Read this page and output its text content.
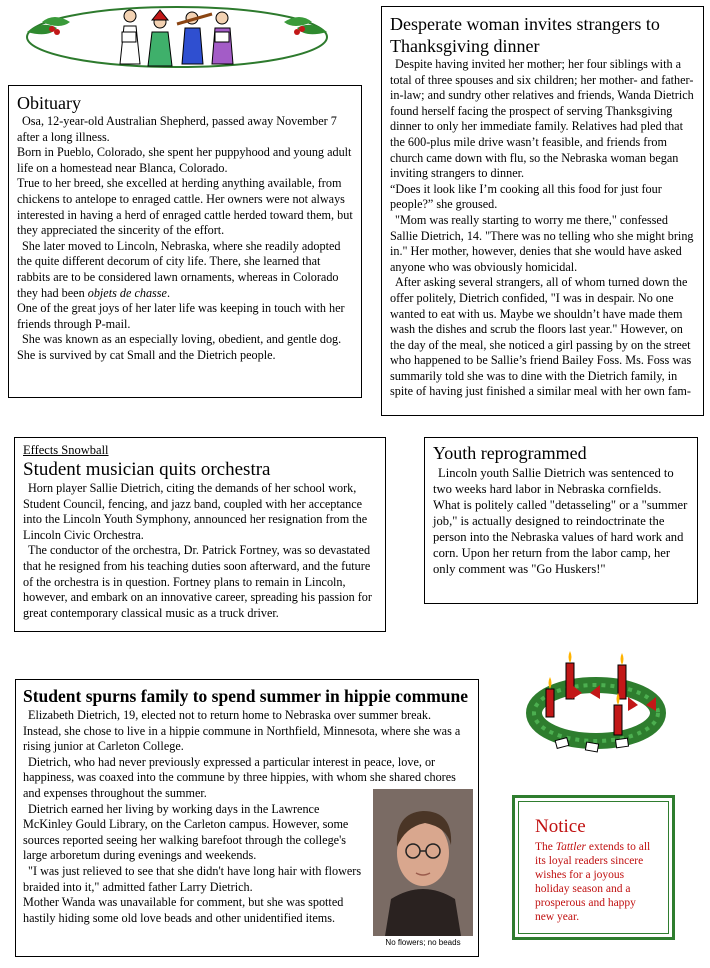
Obituary

Osa, 12-year-old Australian Shepherd, passed away November 7 after a long illness.

Born in Pueblo, Colorado, she spent her puppyhood and young adult life on a homestead near Blanca, Colorado.

True to her breed, she excelled at herding anything available, from chickens to antelope to enraged cattle. Her owners were not always interested in having a herd of enraged cattle herded toward them, but they appreciated the sincerity of the effort.

She later moved to Lincoln, Nebraska, where she readily adopted the quite different decorum of city life. There, she learned that rabbits are to be considered lawn ornaments, whereas in Colorado they had been objets de chasse.

One of the great joys of her later life was keeping in touch with her friends through P-mail.

She was known as an especially loving, obedient, and gentle dog. She is survived by cat Small and the Dietrich people.

Desperate woman invites strangers to Thanksgiving dinner

Despite having invited her mother; her four siblings with a total of three spouses and six children; her mother- and father-in-law; and sundry other relatives and friends, Wanda Dietrich found herself facing the prospect of serving Thanksgiving dinner to only her immediate family. Relatives had pled that the 600-plus mile drive wasn’t feasible, and friends from church came down with flu, so the Nebraska woman began inviting strangers to dinner.

“Does it look like I’m cooking all this food for just four people?” she groused.

"Mom was really starting to worry me there," confessed Sallie Dietrich, 14. "There was no telling who she might bring in." Her mother, however, denies that she would have asked anyone who was obviously homicidal.

After asking several strangers, all of whom turned down the offer politely, Dietrich confided, "I was in despair. No one wanted to eat with us. Maybe we shouldn’t have made them wash the dishes and scrub the floors last year." However, on the day of the meal, she noticed a girl passing by on the street who happened to be Sallie’s friend Bailey Foss. Ms. Foss was summarily told she was to dine with the Dietrich family, in spite of having just finished a similar meal with her own fam-

Effects Snowball
Student musician quits orchestra

Horn player Sallie Dietrich, citing the demands of her school work, Student Council, fencing, and jazz band, coupled with her acceptance into the Lincoln Youth Symphony, announced her resignation from the Lincoln Civic Orchestra.

The conductor of the orchestra, Dr. Patrick Fortney, was so devastated that he resigned from his teaching duties soon afterward, and the future of the orchestra is in question. Fortney plans to remain in Lincoln, however, and embark on an innovative career, spreading his passion for great contemporary classical music as a truck driver.

Youth reprogrammed

Lincoln youth Sallie Dietrich was sentenced to two weeks hard labor in Nebraska cornfields. What is politely called "detasseling" or a "summer job," is actually designed to reindoctrinate the person into the Nebraska values of hard work and corn. Upon her return from the labor camp, her only comment was "Go Huskers!"

Student spurns family to spend summer in hippie commune

Elizabeth Dietrich, 19, elected not to return home to Nebraska over summer break. Instead, she chose to live in a hippie commune in Northfield, Minnesota, where she was a rising junior at Carleton College.

Dietrich, who had never previously expressed a particular interest in peace, love, or happiness, was coaxed into the commune by three hippies, with whom she shared chores and expenses throughout the summer.

Dietrich earned her living by working days in the Lawrence McKinley Gould Library, on the Carleton campus. However, some sources reported seeing her walking barefoot through the college's large arboretum during evenings and weekends.

"I was just relieved to see that she didn't have long hair with flowers braided into it," admitted father Larry Dietrich.

Mother Wanda was unavailable for comment, but she was spotted hastily hiding some old love beads and other unidentified items.

No flowers; no beads
Notice

The Tattler extends to all its loyal readers sincere wishes for a joyous holiday season and a prosperous and happy new year.
